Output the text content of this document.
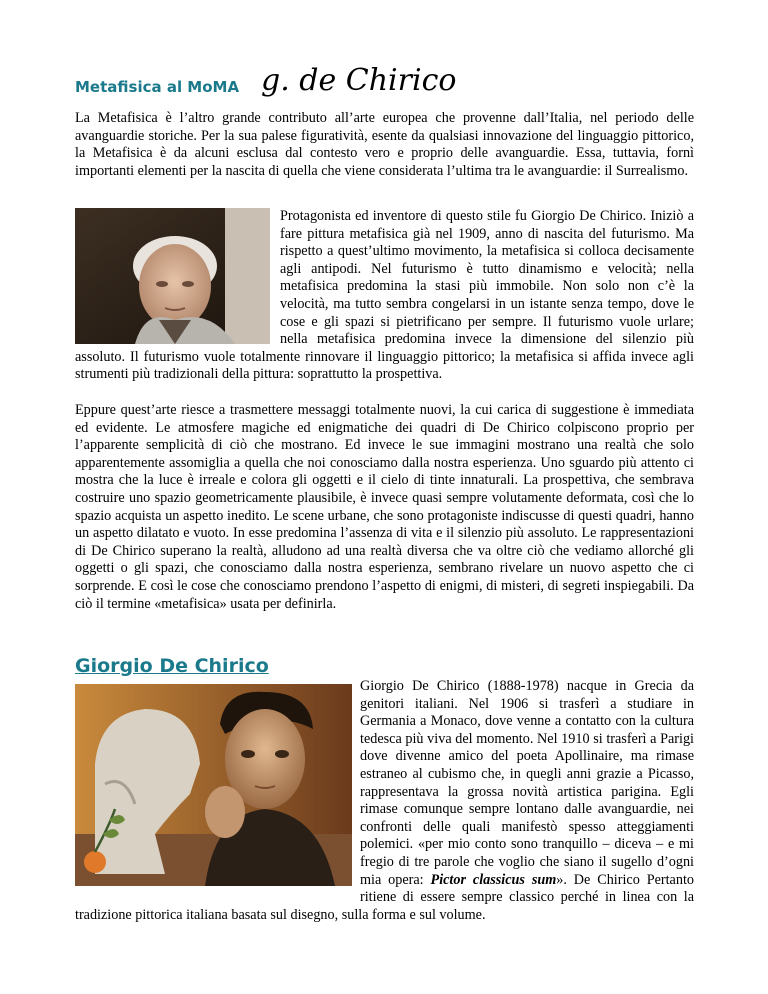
Metafisica al MoMA g. de Chirico

La Metafisica è l’altro grande contributo all’arte europea che provenne dall’Italia, nel periodo delle avanguardie storiche. Per la sua palese figuratività, esente da qualsiasi innovazione del linguaggio pittorico, la Metafisica è da alcuni esclusa dal contesto vero e proprio delle avanguardie. Essa, tuttavia, fornì importanti elementi per la nascita di quella che viene considerata l’ultima tra le avanguardie: il Surrealismo.

Protagonista ed inventore di questo stile fu Giorgio De Chirico. Iniziò a fare pittura metafisica già nel 1909, anno di nascita del futurismo. Ma rispetto a quest’ultimo movimento, la metafisica si colloca decisamente agli antipodi. Nel futurismo è tutto dinamismo e velocità; nella metafisica predomina la stasi più immobile. Non solo non c’è la velocità, ma tutto sembra congelarsi in un istante senza tempo, dove le cose e gli spazi si pietrificano per sempre. Il futurismo vuole urlare; nella metafisica predomina invece la dimensione del silenzio più assoluto. Il futurismo vuole totalmente rinnovare il linguaggio pittorico; la metafisica si affida invece agli strumenti più tradizionali della pittura: soprattutto la prospettiva.

Eppure quest’arte riesce a trasmettere messaggi totalmente nuovi, la cui carica di suggestione è immediata ed evidente. Le atmosfere magiche ed enigmatiche dei quadri di De Chirico colpiscono proprio per l’apparente semplicità di ciò che mostrano. Ed invece le sue immagini mostrano una realtà che solo apparentemente assomiglia a quella che noi conosciamo dalla nostra esperienza. Uno sguardo più attento ci mostra che la luce è irreale e colora gli oggetti e il cielo di tinte innaturali. La prospettiva, che sembrava costruire uno spazio geometricamente plausibile, è invece quasi sempre volutamente deformata, così che lo spazio acquista un aspetto inedito. Le scene urbane, che sono protagoniste indiscusse di questi quadri, hanno un aspetto dilatato e vuoto. In esse predomina l’assenza di vita e il silenzio più assoluto. Le rappresentazioni di De Chirico superano la realtà, alludono ad una realtà diversa che va oltre ciò che vediamo allorché gli oggetti o gli spazi, che conosciamo dalla nostra esperienza, sembrano rivelare un nuovo aspetto che ci sorprende. E così le cose che conosciamo prendono l’aspetto di enigmi, di misteri, di segreti inspiegabili. Da ciò il termine «metafisica» usata per definirla.

Giorgio De Chirico
Giorgio De Chirico (1888-1978) nacque in Grecia da genitori italiani. Nel 1906 si trasferì a studiare in Germania a Monaco, dove venne a contatto con la cultura tedesca più viva del momento. Nel 1910 si trasferì a Parigi dove divenne amico del poeta Apollinaire, ma rimase estraneo al cubismo che, in quegli anni grazie a Picasso, rappresentava la grossa novità artistica parigina. Egli rimase comunque sempre lontano dalle avanguardie, nei confronti delle quali manifestò spesso atteggiamenti polemici. «per mio conto sono tranquillo – diceva – e mi fregio di tre parole che voglio che siano il sugello d’ogni mia opera: Pictor classicus sum». De Chirico Pertanto ritiene di essere sempre classico perché in linea con la tradizione pittorica italiana basata sul disegno, sulla forma e sul volume.
